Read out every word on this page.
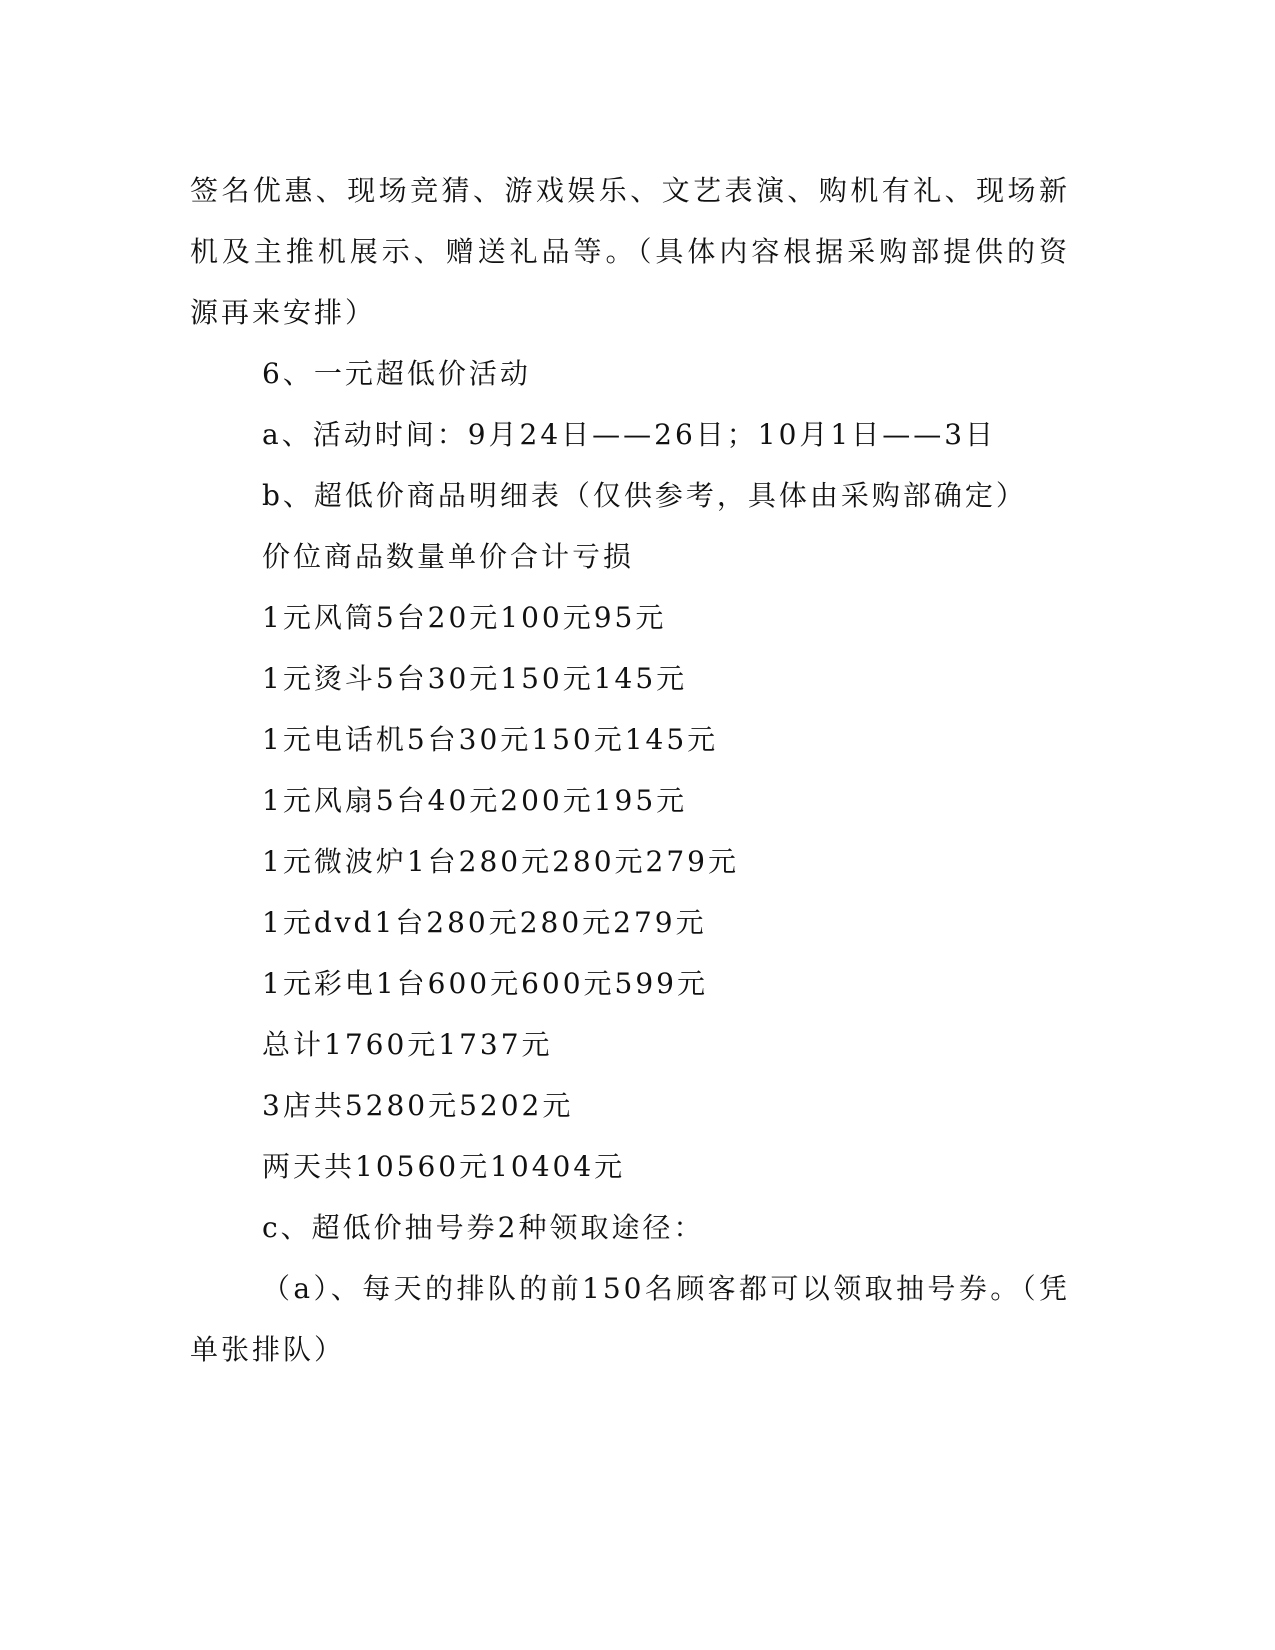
签名优惠、现场竞猜、游戏娱乐、文艺表演、购机有礼、现场新机及主推机展示、赠送礼品等。（具体内容根据采购部提供的资源再来安排）

6、一元超低价活动

a、活动时间：9月24日——26日；10月1日——3日

b、超低价商品明细表（仅供参考，具体由采购部确定）

价位商品数量单价合计亏损

1元风筒5台20元100元95元

1元烫斗5台30元150元145元

1元电话机5台30元150元145元

1元风扇5台40元200元195元

1元微波炉1台280元280元279元

1元dvd1台280元280元279元

1元彩电1台600元600元599元

总计1760元1737元

3店共5280元5202元

两天共10560元10404元

c、超低价抽号券2种领取途径：

（a）、每天的排队的前150名顾客都可以领取抽号券。（凭单张排队）
